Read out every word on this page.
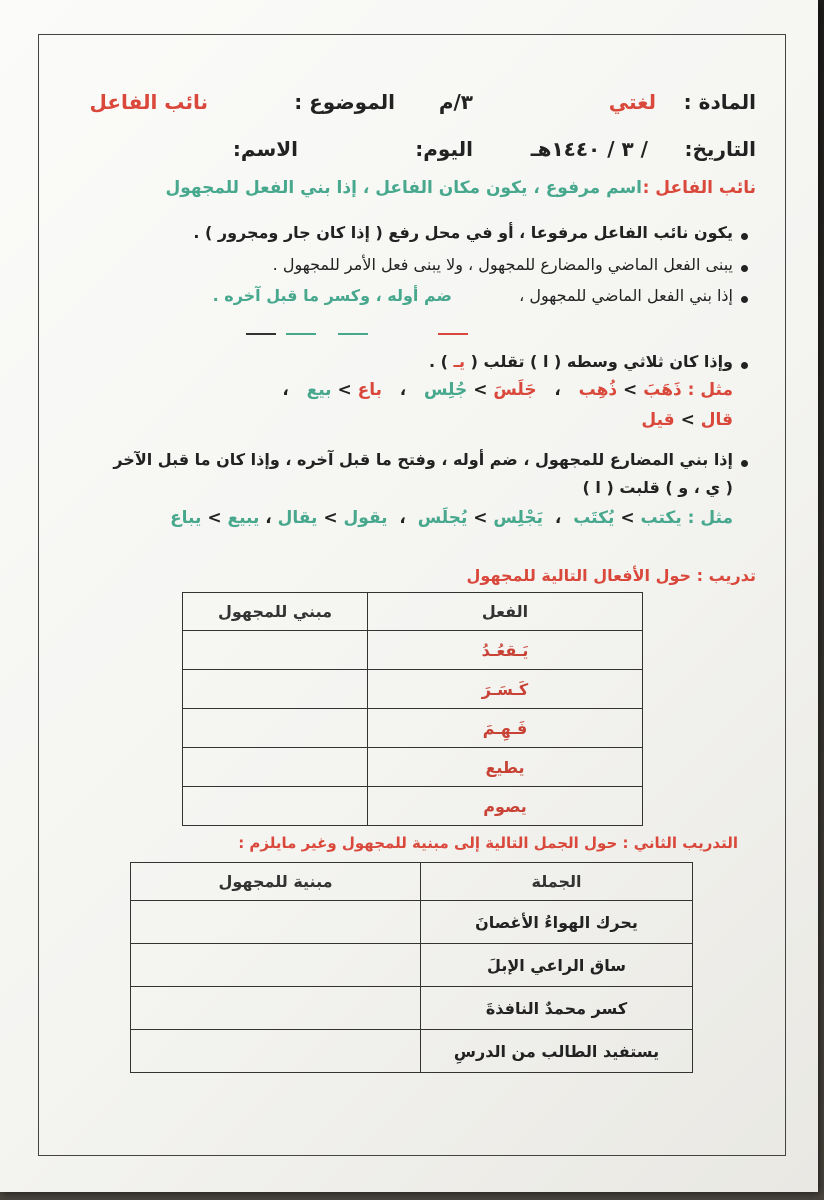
المادة :
لغتي
٣/م
الموضوع :
نائب الفاعل
التاريخ:
/ ٣ / ١٤٤٠هـ
اليوم:
الاسم:
نائب الفاعل :
اسم مرفوع ، يكون مكان الفاعل ، إذا بني الفعل للمجهول
يكون نائب الفاعل مرفوعا ، أو في محل رفع ( إذا كان جار ومجرور ) .
يبنى الفعل الماضي والمضارع للمجهول ، ولا يبنى فعل الأمر للمجهول .
إذا بني الفعل الماضي للمجهول ،
ضم أوله ، وكسر ما قبل آخره .
وإذا كان ثلاثي وسطه ( ا ) تقلب ( يـ ) .
مثل : ذَهَبَ > ذُهِب   ،   جَلَسَ > جُلِس   ،   باع > بيع   ،
قال > قيل
إذا بني المضارع للمجهول ، ضم أوله ، وفتح ما قبل آخره ، وإذا كان ما قبل الآخر
( ي ، و ) قلبت ( ا )
مثل : يكتب > يُكتَب  ،  يَجْلِس > يُجلَس  ،  يقول > يقال ، يبيع > يباع
تدريب : حول الأفعال التالية للمجهول
الفعل	مبني للمجهول
يَـقعُـدُ	
كَـسَـرَ	
فَـهِـمَ	
يطيع	
يصوم	
التدريب الثاني : حول الجمل التالية إلى مبنية للمجهول وغير مايلزم :
الجملة	مبنية للمجهول
يحرك الهواءُ الأغصانَ	
ساق الراعي الإبلَ	
كسر محمدٌ النافذةَ	
يستفيد الطالب من الدرسِ	
